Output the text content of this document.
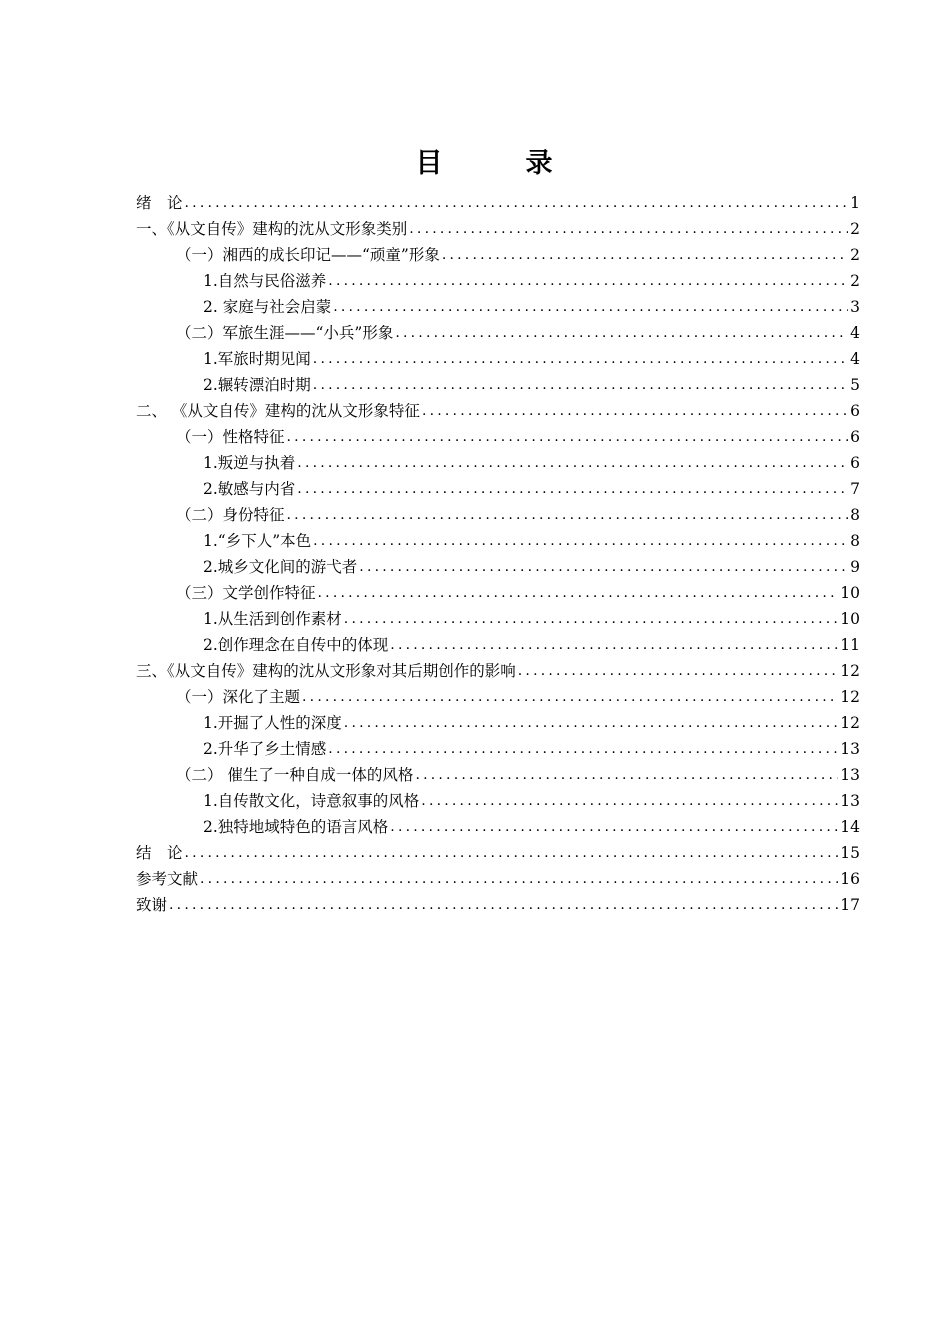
目　录
绪　论 .....	1
一、《从文自传》建构的沈从文形象类别 .....	2
（一）湘西的成长印记——“顽童”形象 .....	2
1.自然与民俗滋养 .....	2
2. 家庭与社会启蒙 .....	3
（二）军旅生涯——“小兵”形象 .....	4
1.军旅时期见闻 .....	4
2.辗转漂泊时期 .....	5
二、 《从文自传》建构的沈从文形象特征 .....	6
（一）性格特征 .....	6
1.叛逆与执着 .....	6
2.敏感与内省 .....	7
（二）身份特征 .....	8
1.“乡下人”本色 .....	8
2.城乡文化间的游弋者 .....	9
（三）文学创作特征 .....	10
1.从生活到创作素材 .....	10
2.创作理念在自传中的体现 .....	11
三、《从文自传》建构的沈从文形象对其后期创作的影响 .....	12
（一）深化了主题 .....	12
1.开掘了人性的深度 .....	12
2.升华了乡土情感 .....	13
（二） 催生了一种自成一体的风格 .....	13
1.自传散文化，诗意叙事的风格 .....	13
2.独特地域特色的语言风格 .....	14
结　论 .....	15
参考文献 .....	16
致谢 .....	17
